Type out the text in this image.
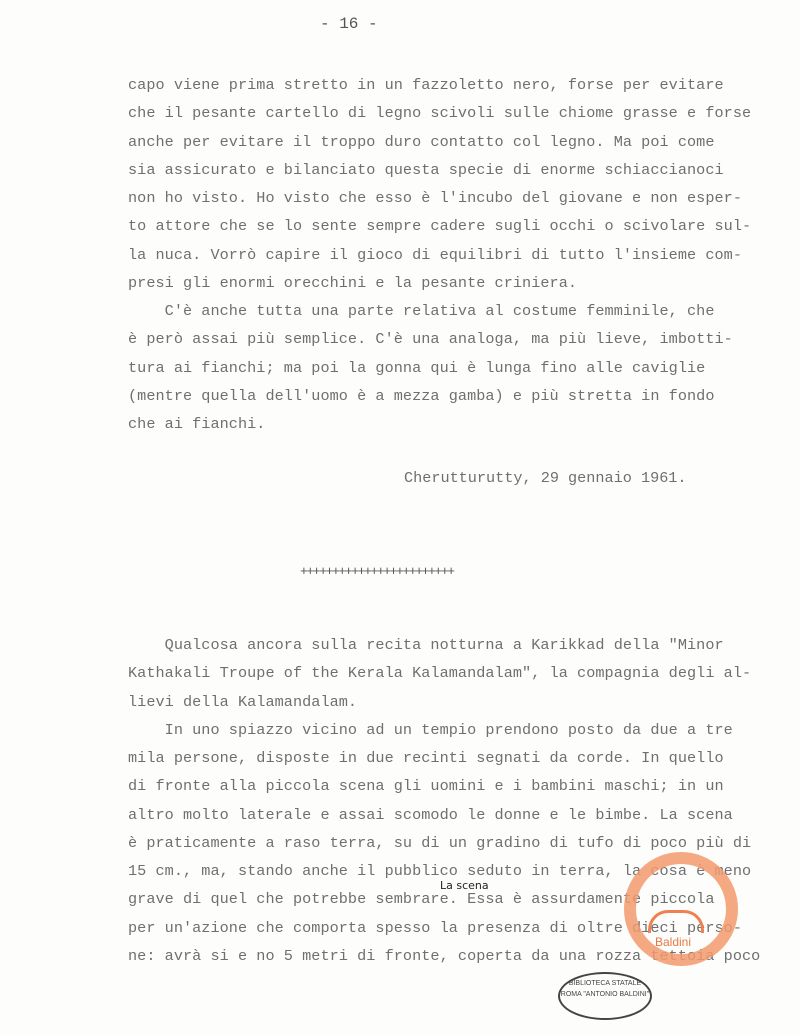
- 16 -
capo viene prima stretto in un fazzoletto nero, forse per evitare
che il pesante cartello di legno scivoli sulle chiome grasse e forse
anche per evitare il troppo duro contatto col legno. Ma poi come
sia assicurato e bilanciato questa specie di enorme schiaccianoci
non ho visto. Ho visto che esso è l'incubo del giovane e non esper-
to attore che se lo sente sempre cadere sugli occhi o scivolare sul-
la nuca. Vorrò capire il gioco di equilibri di tutto l'insieme com-
presi gli enormi orecchini e la pesante criniera.
C'è anche tutta una parte relativa al costume femminile, che
è però assai più semplice. C'è una analoga, ma più lieve, imbotti-
tura ai fianchi; ma poi la gonna qui è lunga fino alle caviglie
(mentre quella dell'uomo è a mezza gamba) e più stretta in fondo
che ai fianchi.
Cherutturutty, 29 gennaio 1961.
++++++++++++++++++++++++
Qualcosa ancora sulla recita notturna a Karikkad della "Minor
Kathakali Troupe of the Kerala Kalamandalam", la compagnia degli al-
lievi della Kalamandalam.
In uno spiazzo vicino ad un tempio prendono posto da due a tre
mila persone, disposte in due recinti segnati da corde. In quello
di fronte alla piccola scena gli uomini e i bambini maschi; in un
altro molto laterale e assai scomodo le donne e le bimbe. La scena
è praticamente a raso terra, su di un gradino di tufo di poco più di
15 cm., ma, stando anche il pubblico seduto in terra, la cosa è meno
grave di quel che potrebbe sembrare. Essa è assurdamente piccola
per un'azione che comporta spesso la presenza di oltre dieci perso-
ne: avrà si e no 5 metri di fronte, coperta da una rozza tettoia poco
La scena
Baldini
BIBLIOTECA STATALE ROMA "ANTONIO BALDINI"
